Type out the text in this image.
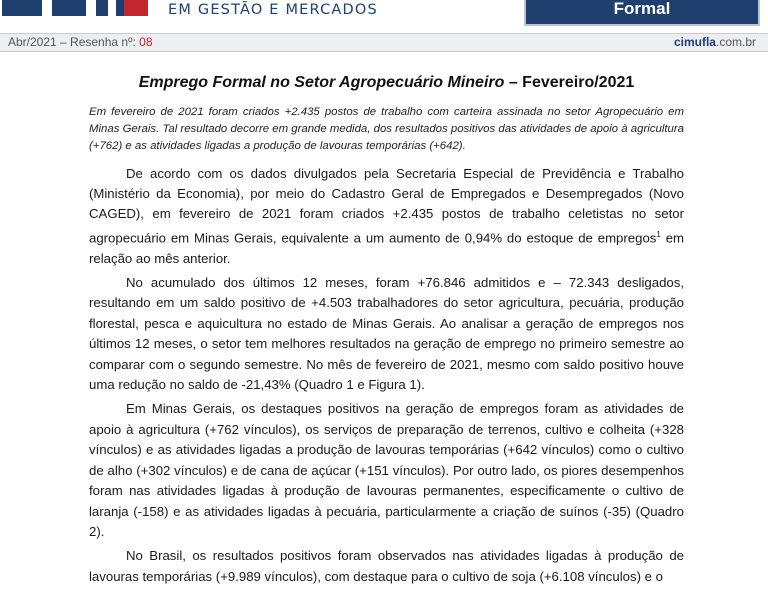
EM GESTÃO E MERCADOS	Formal
Abr/2021 – Resenha nº: 08	cimufla.com.br
Emprego Formal no Setor Agropecuário Mineiro – Fevereiro/2021

Em fevereiro de 2021 foram criados +2.435 postos de trabalho com carteira assinada no setor Agropecuário em Minas Gerais. Tal resultado decorre em grande medida, dos resultados positivos das atividades de apoio à agricultura (+762) e as atividades ligadas a produção de lavouras temporárias (+642).

De acordo com os dados divulgados pela Secretaria Especial de Previdência e Trabalho (Ministério da Economia), por meio do Cadastro Geral de Empregados e Desempregados (Novo CAGED), em fevereiro de 2021 foram criados +2.435 postos de trabalho celetistas no setor agropecuário em Minas Gerais, equivalente a um aumento de 0,94% do estoque de empregos$^1$ em relação ao mês anterior.

No acumulado dos últimos 12 meses, foram +76.846 admitidos e – 72.343 desligados, resultando em um saldo positivo de +4.503 trabalhadores do setor agricultura, pecuária, produção florestal, pesca e aquicultura no estado de Minas Gerais. Ao analisar a geração de empregos nos últimos 12 meses, o setor tem melhores resultados na geração de emprego no primeiro semestre ao comparar com o segundo semestre. No mês de fevereiro de 2021, mesmo com saldo positivo houve uma redução no saldo de -21,43% (Quadro 1 e Figura 1).

Em Minas Gerais, os destaques positivos na geração de empregos foram as atividades de apoio à agricultura (+762 vínculos), os serviços de preparação de terrenos, cultivo e colheita (+328 vínculos) e as atividades ligadas a produção de lavouras temporárias (+642 vínculos) como o cultivo de alho (+302 vínculos) e de cana de açúcar (+151 vínculos). Por outro lado, os piores desempenhos foram nas atividades ligadas à produção de lavouras permanentes, especificamente o cultivo de laranja (-158) e as atividades ligadas à pecuária, particularmente a criação de suínos (-35) (Quadro 2).

No Brasil, os resultados positivos foram observados nas atividades ligadas à produção de lavouras temporárias (+9.989 vínculos), com destaque para o cultivo de soja (+6.108 vínculos) e o
